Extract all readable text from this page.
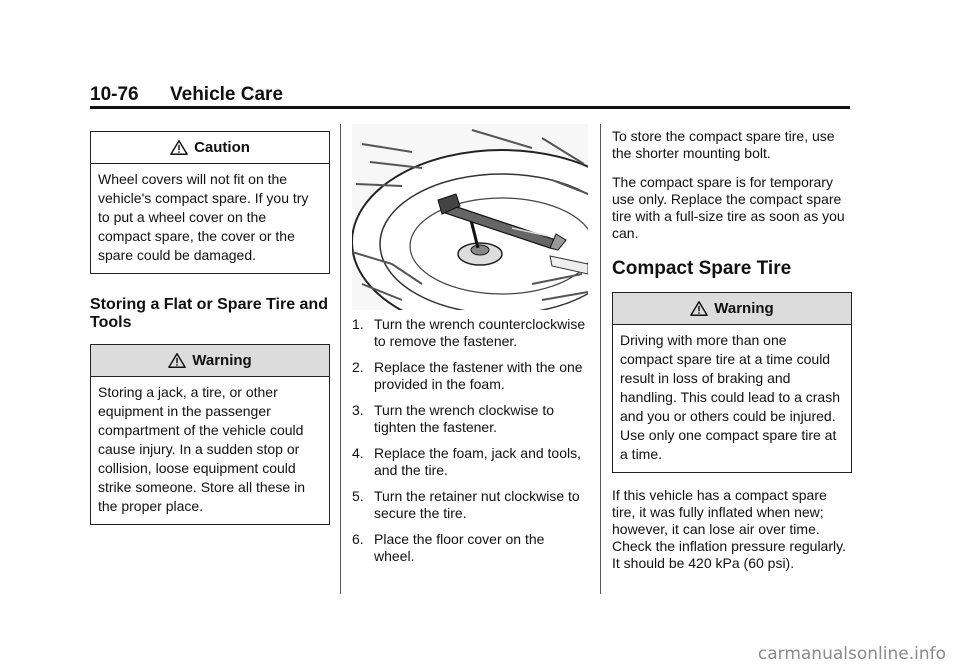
10-76 Vehicle Care
Caution
Wheel covers will not fit on the vehicle's compact spare. If you try to put a wheel cover on the compact spare, the cover or the spare could be damaged.
Storing a Flat or Spare Tire and Tools
Warning
Storing a jack, a tire, or other equipment in the passenger compartment of the vehicle could cause injury. In a sudden stop or collision, loose equipment could strike someone. Store all these in the proper place.
1. Turn the wrench counterclockwise to remove the fastener.
2. Replace the fastener with the one provided in the foam.
3. Turn the wrench clockwise to tighten the fastener.
4. Replace the foam, jack and tools, and the tire.
5. Turn the retainer nut clockwise to secure the tire.
6. Place the floor cover on the wheel.

To store the compact spare tire, use the shorter mounting bolt.

The compact spare is for temporary use only. Replace the compact spare tire with a full-size tire as soon as you can.

Compact Spare Tire
Warning
Driving with more than one compact spare tire at a time could result in loss of braking and handling. This could lead to a crash and you or others could be injured. Use only one compact spare tire at a time.

If this vehicle has a compact spare tire, it was fully inflated when new; however, it can lose air over time. Check the inflation pressure regularly. It should be 420 kPa (60 psi).

carmanualsonline.info
